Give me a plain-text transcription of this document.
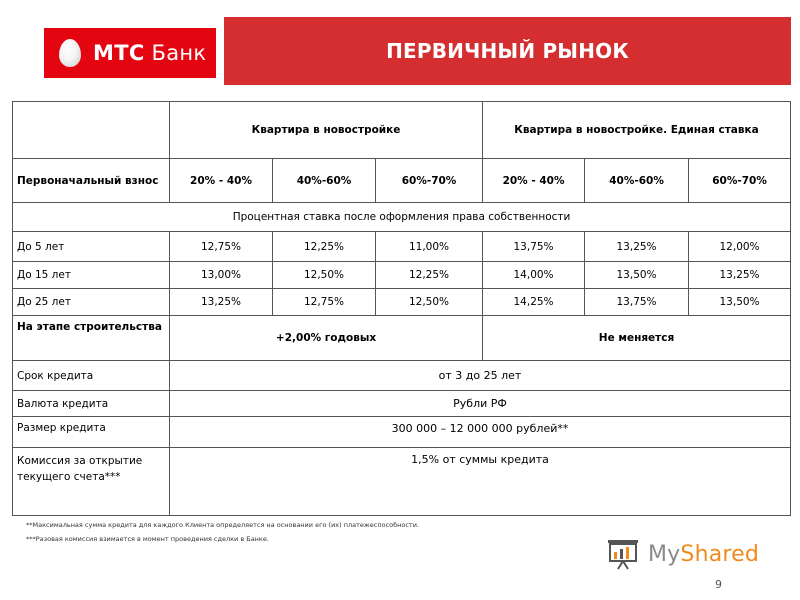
МТС Банк	ПЕРВИЧНЫЙ РЫНОК
	Квартира в новостройке			Квартира в новостройке. Единая ставка		
Первоначальный взнос	20% - 40%	40%-60%	60%-70%	20% - 40%	40%-60%	60%-70%
Процентная ставка после оформления права собственности						
До 5 лет	12,75%	12,25%	11,00%	13,75%	13,25%	12,00%
До 15 лет	13,00%	12,50%	12,25%	14,00%	13,50%	13,25%
До 25 лет	13,25%	12,75%	12,50%	14,25%	13,75%	13,50%
На этапе строительства	+2,00% годовых			Не меняется		
Срок кредита	от 3 до 25 лет					
Валюта кредита	Рубли РФ					
Размер кредита	300 000 – 12 000 000 рублей**					
Комиссия за открытие текущего счета***	1,5% от суммы кредита					
**Максимальная сумма кредита для каждого Клиента определяется на основании его (их) платежеспособности.
***Разовая комиссия взимается в момент проведения сделки в Банке.
MyShared
9
